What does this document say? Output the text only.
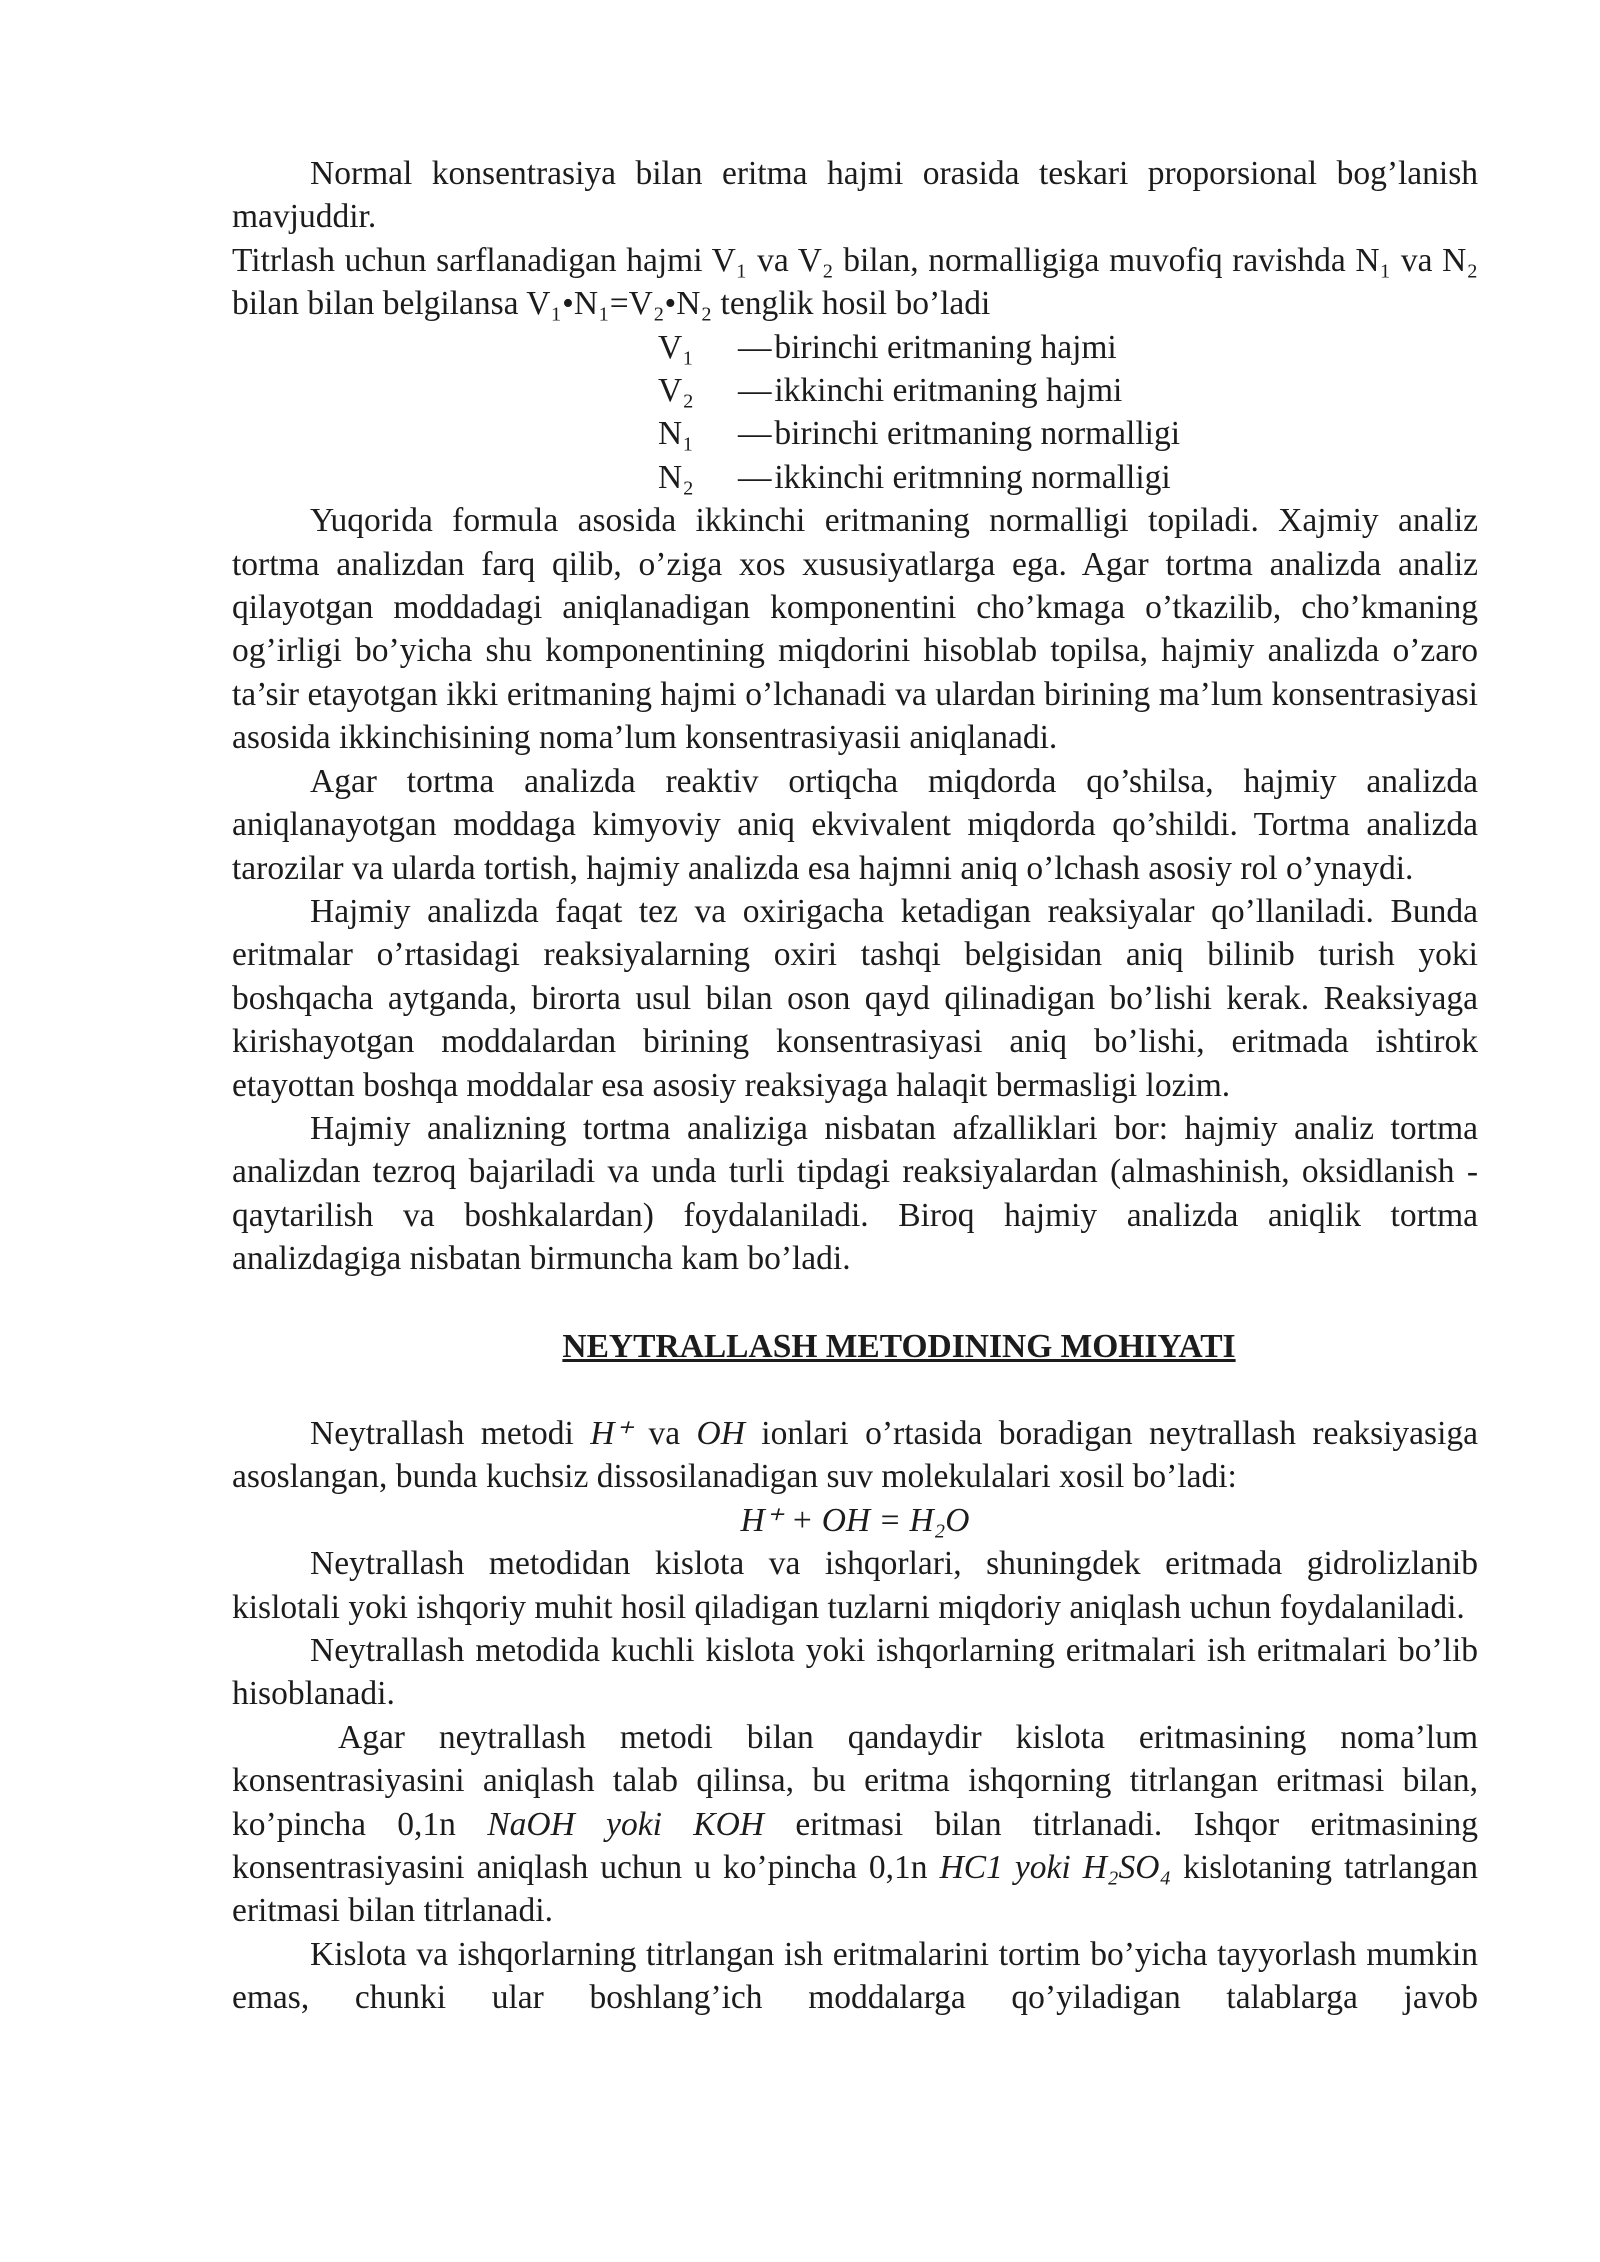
Normal konsentrasiya bilan eritma hajmi orasida teskari proporsional bog’lanish mavjuddir.

Titrlash uchun sarflanadigan hajmi V₁ va V₂ bilan, normalligiga muvofiq ravishda N₁ va N₂ bilan bilan belgilansa V₁•N₁=V₂•N₂ tenglik hosil bo’ladi

V₁ — birinchi eritmaning hajmi
V₂ — ikkinchi eritmaning hajmi
N₁ — birinchi eritmaning normalligi
N₂ — ikkinchi eritmning normalligi

Yuqorida formula asosida ikkinchi eritmaning normalligi topiladi. Xajmiy analiz tortma analizdan farq qilib, o’ziga xos xususiyatlarga ega. Agar tortma analizda analiz qilayotgan moddadagi aniqlanadigan komponentini cho’kmaga o’tkazilib, cho’kmaning og’irligi bo’yicha shu komponentining miqdorini hisoblab topilsa, hajmiy analizda o’zaro ta’sir etayotgan ikki eritmaning hajmi o’lchanadi va ulardan birining ma’lum konsentrasiyasi asosida ikkinchisining noma’lum konsentrasiyasii aniqlanadi.

Agar tortma analizda reaktiv ortiqcha miqdorda qo’shilsa, hajmiy analizda aniqlanayotgan moddaga kimyoviy aniq ekvivalent miqdorda qo’shildi. Tortma analizda tarozilar va ularda tortish, hajmiy analizda esa hajmni aniq o’lchash asosiy rol o’ynaydi.

Hajmiy analizda faqat tez va oxirigacha ketadigan reaksiyalar qo’llaniladi. Bunda eritmalar o’rtasidagi reaksiyalarning oxiri tashqi belgisidan aniq bilinib turish yoki boshqacha aytganda, birorta usul bilan oson qayd qilinadigan bo’lishi kerak. Reaksiyaga kirishayotgan moddalardan birining konsentrasiyasi aniq bo’lishi, eritmada ishtirok etayottan boshqa moddalar esa asosiy reaksiyaga halaqit bermasligi lozim.

Hajmiy analizning tortma analiziga nisbatan afzalliklari bor: hajmiy analiz tortma analizdan tezroq bajariladi va unda turli tipdagi reaksiyalardan (almashinish, oksidlanish - qaytarilish va boshkalardan) foydalaniladi. Biroq hajmiy analizda aniqlik tortma analizdagiga nisbatan birmuncha kam bo’ladi.

NEYTRALLASH METODINING MOHIYATI

Neytrallash metodi H⁺ va OH ionlari o’rtasida boradigan neytrallash reaksiyasiga asoslangan, bunda kuchsiz dissosilanadigan suv molekulalari xosil bo’ladi:

H⁺ + OH = H₂O

Neytrallash metodidan kislota va ishqorlari, shuningdek eritmada gidrolizlanib kislotali yoki ishqoriy muhit hosil qiladigan tuzlarni miqdoriy aniqlash uchun foydalaniladi.

Neytrallash metodida kuchli kislota yoki ishqorlarning eritmalari ish eritmalari bo’lib hisoblanadi.

Agar neytrallash metodi bilan qandaydir kislota eritmasining noma’lum konsentrasiyasini aniqlash talab qilinsa, bu eritma ishqorning titrlangan eritmasi bilan, ko’pincha 0,1n NaOH yoki KOH eritmasi bilan titrlanadi. Ishqor eritmasining konsentrasiyasini aniqlash uchun u ko’pincha 0,1n HC1 yoki H₂SO₄ kislotaning tatrlangan eritmasi bilan titrlanadi.

Kislota va ishqorlarning titrlangan ish eritmalarini tortim bo’yicha tayyorlash mumkin emas, chunki ular boshlang’ich moddalarga qo’yiladigan talablarga javob
